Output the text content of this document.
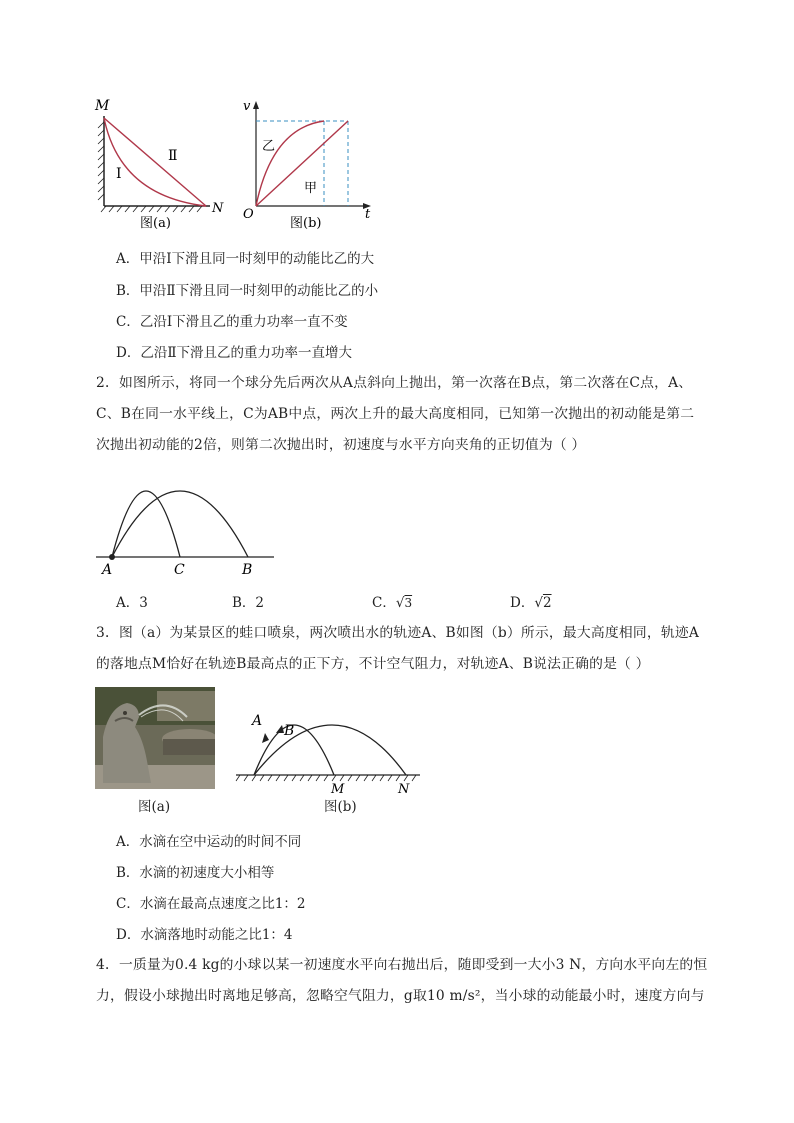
M
Ⅱ
Ⅰ
N
图(a)
v
t
O
乙
甲
图(b)
A．甲沿Ⅰ下滑且同一时刻甲的动能比乙的大
B．甲沿Ⅱ下滑且同一时刻甲的动能比乙的小
C．乙沿Ⅰ下滑且乙的重力功率一直不变
D．乙沿Ⅱ下滑且乙的重力功率一直增大
2．如图所示，将同一个球分先后两次从A点斜向上抛出，第一次落在B点，第二次落在C点，A、
C、B在同一水平线上，C为AB中点，两次上升的最大高度相同，已知第一次抛出的初动能是第二
次抛出初动能的2倍，则第二次抛出时，初速度与水平方向夹角的正切值为（ ）
A	C	B
A．3	B．2	C．√3	D．√2
3．图（a）为某景区的蛙口喷泉，两次喷出水的轨迹A、B如图（b）所示，最大高度相同，轨迹A
的落地点M恰好在轨迹B最高点的正下方，不计空气阻力，对轨迹A、B说法正确的是（ ）
图(a)
A
B
M	N
图(b)
A．水滴在空中运动的时间不同
B．水滴的初速度大小相等
C．水滴在最高点速度之比1：2
D．水滴落地时动能之比1：4
4．一质量为0.4 kg的小球以某一初速度水平向右抛出后，随即受到一大小3 N，方向水平向左的恒
力，假设小球抛出时离地足够高，忽略空气阻力，g取10 m/s²，当小球的动能最小时，速度方向与
